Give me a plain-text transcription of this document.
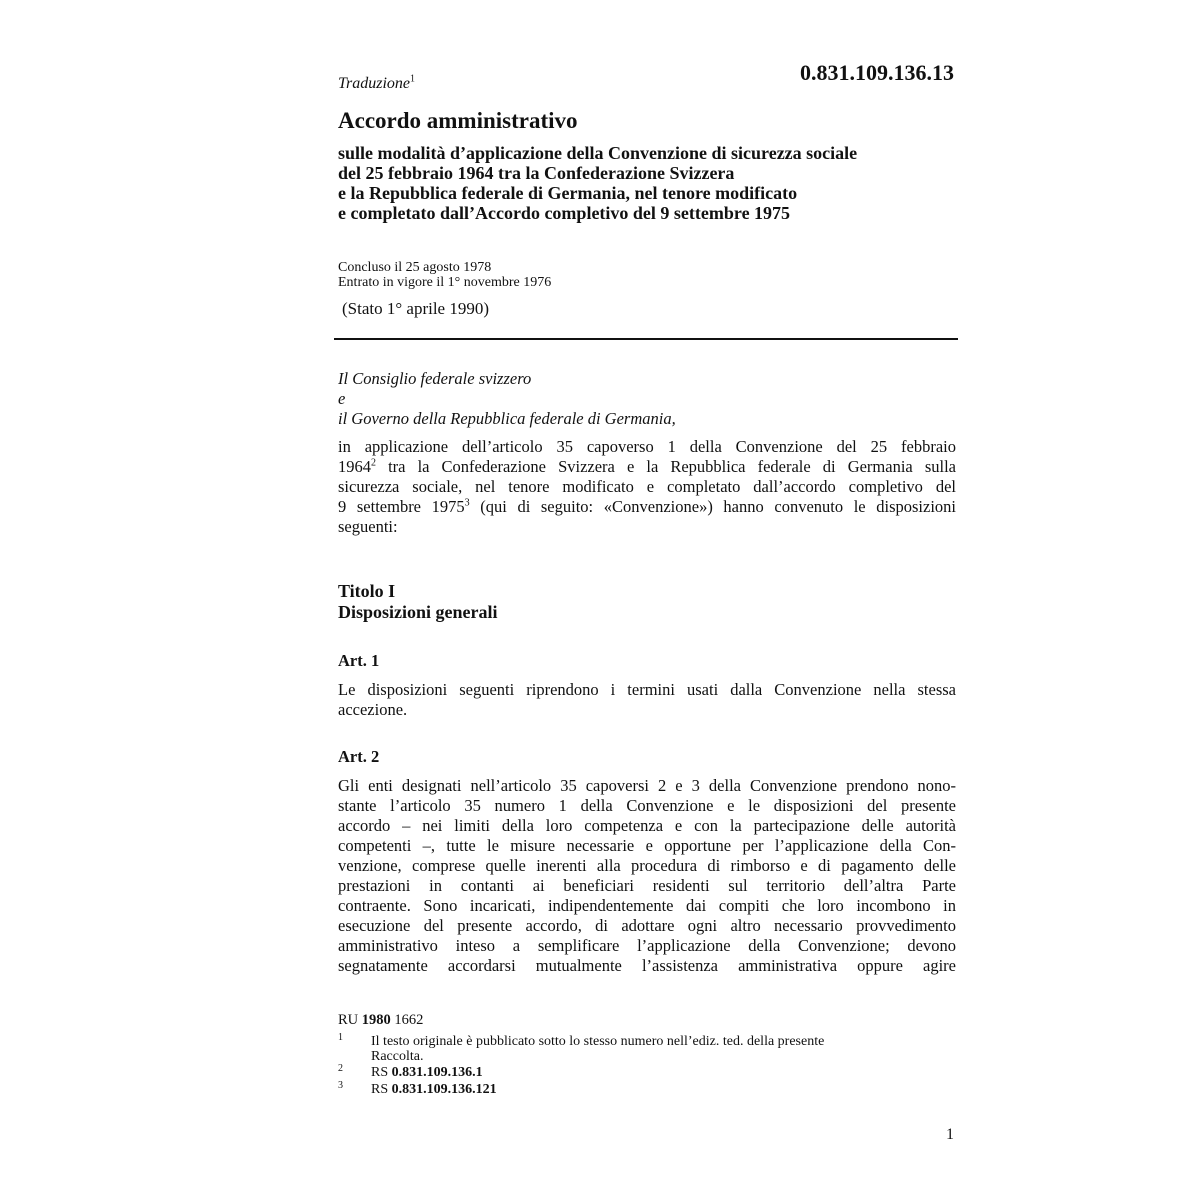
0.831.109.136.13
Traduzione$^1$
Accordo amministrativo
sulle modalità d’applicazione della Convenzione di sicurezza sociale
del 25 febbraio 1964 tra la Confederazione Svizzera
e la Repubblica federale di Germania, nel tenore modificato
e completato dall’Accordo completivo del 9 settembre 1975
Concluso il 25 agosto 1978
Entrato in vigore il 1° novembre 1976
(Stato 1° aprile 1990)
Il Consiglio federale svizzero
e
il Governo della Repubblica federale di Germania,
in applicazione dell’articolo 35 capoverso 1 della Convenzione del 25 febbraio
1964$^2$ tra la Confederazione Svizzera e la Repubblica federale di Germania sulla
sicurezza sociale, nel tenore modificato e completato dall’accordo completivo del
9 settembre 1975$^3$ (qui di seguito: «Convenzione») hanno convenuto le disposizioni
seguenti:
Titolo I
Disposizioni generali
Art. 1
Le disposizioni seguenti riprendono i termini usati dalla Convenzione nella stessa
accezione.
Art. 2
Gli enti designati nell’articolo 35 capoversi 2 e 3 della Convenzione prendono nono-
stante l’articolo 35 numero 1 della Convenzione e le disposizioni del presente
accordo – nei limiti della loro competenza e con la partecipazione delle autorità
competenti –, tutte le misure necessarie e opportune per l’applicazione della Con-
venzione, comprese quelle inerenti alla procedura di rimborso e di pagamento delle
prestazioni in contanti ai beneficiari residenti sul territorio dell’altra Parte
contraente. Sono incaricati, indipendentemente dai compiti che loro incombono in
esecuzione del presente accordo, di adottare ogni altro necessario provvedimento
amministrativo inteso a semplificare l’applicazione della Convenzione; devono
segnatamente accordarsi mutualmente l’assistenza amministrativa oppure agire
RU 1980 1662
1 Il testo originale è pubblicato sotto lo stesso numero nell’ediz. ted. della presente
Raccolta.
2 RS 0.831.109.136.1
3 RS 0.831.109.136.121
1
